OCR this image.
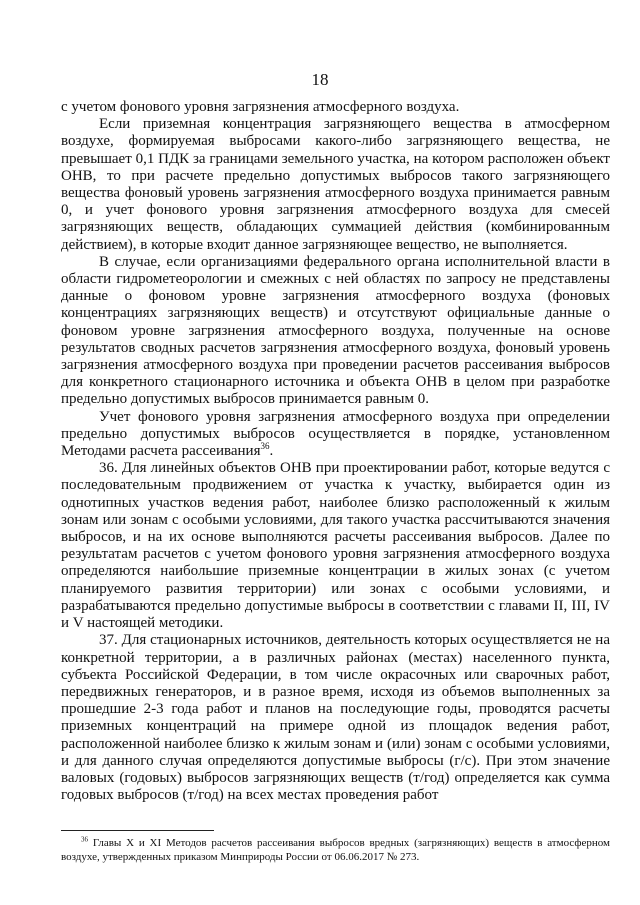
18

с учетом фонового уровня загрязнения атмосферного воздуха.

Если приземная концентрация загрязняющего вещества в атмосферном воздухе, формируемая выбросами какого-либо загрязняющего вещества, не превышает 0,1 ПДК за границами земельного участка, на котором расположен объект ОНВ, то при расчете предельно допустимых выбросов такого загрязняющего вещества фоновый уровень загрязнения атмосферного воздуха принимается равным 0, и учет фонового уровня загрязнения атмосферного воздуха для смесей загрязняющих веществ, обладающих суммацией действия (комбинированным действием), в которые входит данное загрязняющее вещество, не выполняется.

В случае, если организациями федерального органа исполнительной власти в области гидрометеорологии и смежных с ней областях по запросу не представлены данные о фоновом уровне загрязнения атмосферного воздуха (фоновых концентрациях загрязняющих веществ) и отсутствуют официальные данные о фоновом уровне загрязнения атмосферного воздуха, полученные на основе результатов сводных расчетов загрязнения атмосферного воздуха, фоновый уровень загрязнения атмосферного воздуха при проведении расчетов рассеивания выбросов для конкретного стационарного источника и объекта ОНВ в целом при разработке предельно допустимых выбросов принимается равным 0.

Учет фонового уровня загрязнения атмосферного воздуха при определении предельно допустимых выбросов осуществляется в порядке, установленном Методами расчета рассеивания$^{36}$.

36. Для линейных объектов ОНВ при проектировании работ, которые ведутся с последовательным продвижением от участка к участку, выбирается один из однотипных участков ведения работ, наиболее близко расположенный к жилым зонам или зонам с особыми условиями, для такого участка рассчитываются значения выбросов, и на их основе выполняются расчеты рассеивания выбросов. Далее по результатам расчетов с учетом фонового уровня загрязнения атмосферного воздуха определяются наибольшие приземные концентрации в жилых зонах (с учетом планируемого развития территории) или зонах с особыми условиями, и разрабатываются предельно допустимые выбросы в соответствии с главами II, III, IV и V настоящей методики.

37. Для стационарных источников, деятельность которых осуществляется не на конкретной территории, а в различных районах (местах) населенного пункта, субъекта Российской Федерации, в том числе окрасочных или сварочных работ, передвижных генераторов, и в разное время, исходя из объемов выполненных за прошедшие 2-3 года работ и планов на последующие годы, проводятся расчеты приземных концентраций на примере одной из площадок ведения работ, расположенной наиболее близко к жилым зонам и (или) зонам с особыми условиями, и для данного случая определяются допустимые выбросы (г/с). При этом значение валовых (годовых) выбросов загрязняющих веществ (т/год) определяется как сумма годовых выбросов (т/год) на всех местах проведения работ

$^{36}$ Главы X и XI Методов расчетов рассеивания выбросов вредных (загрязняющих) веществ в атмосферном воздухе, утвержденных приказом Минприроды России от 06.06.2017 № 273.
